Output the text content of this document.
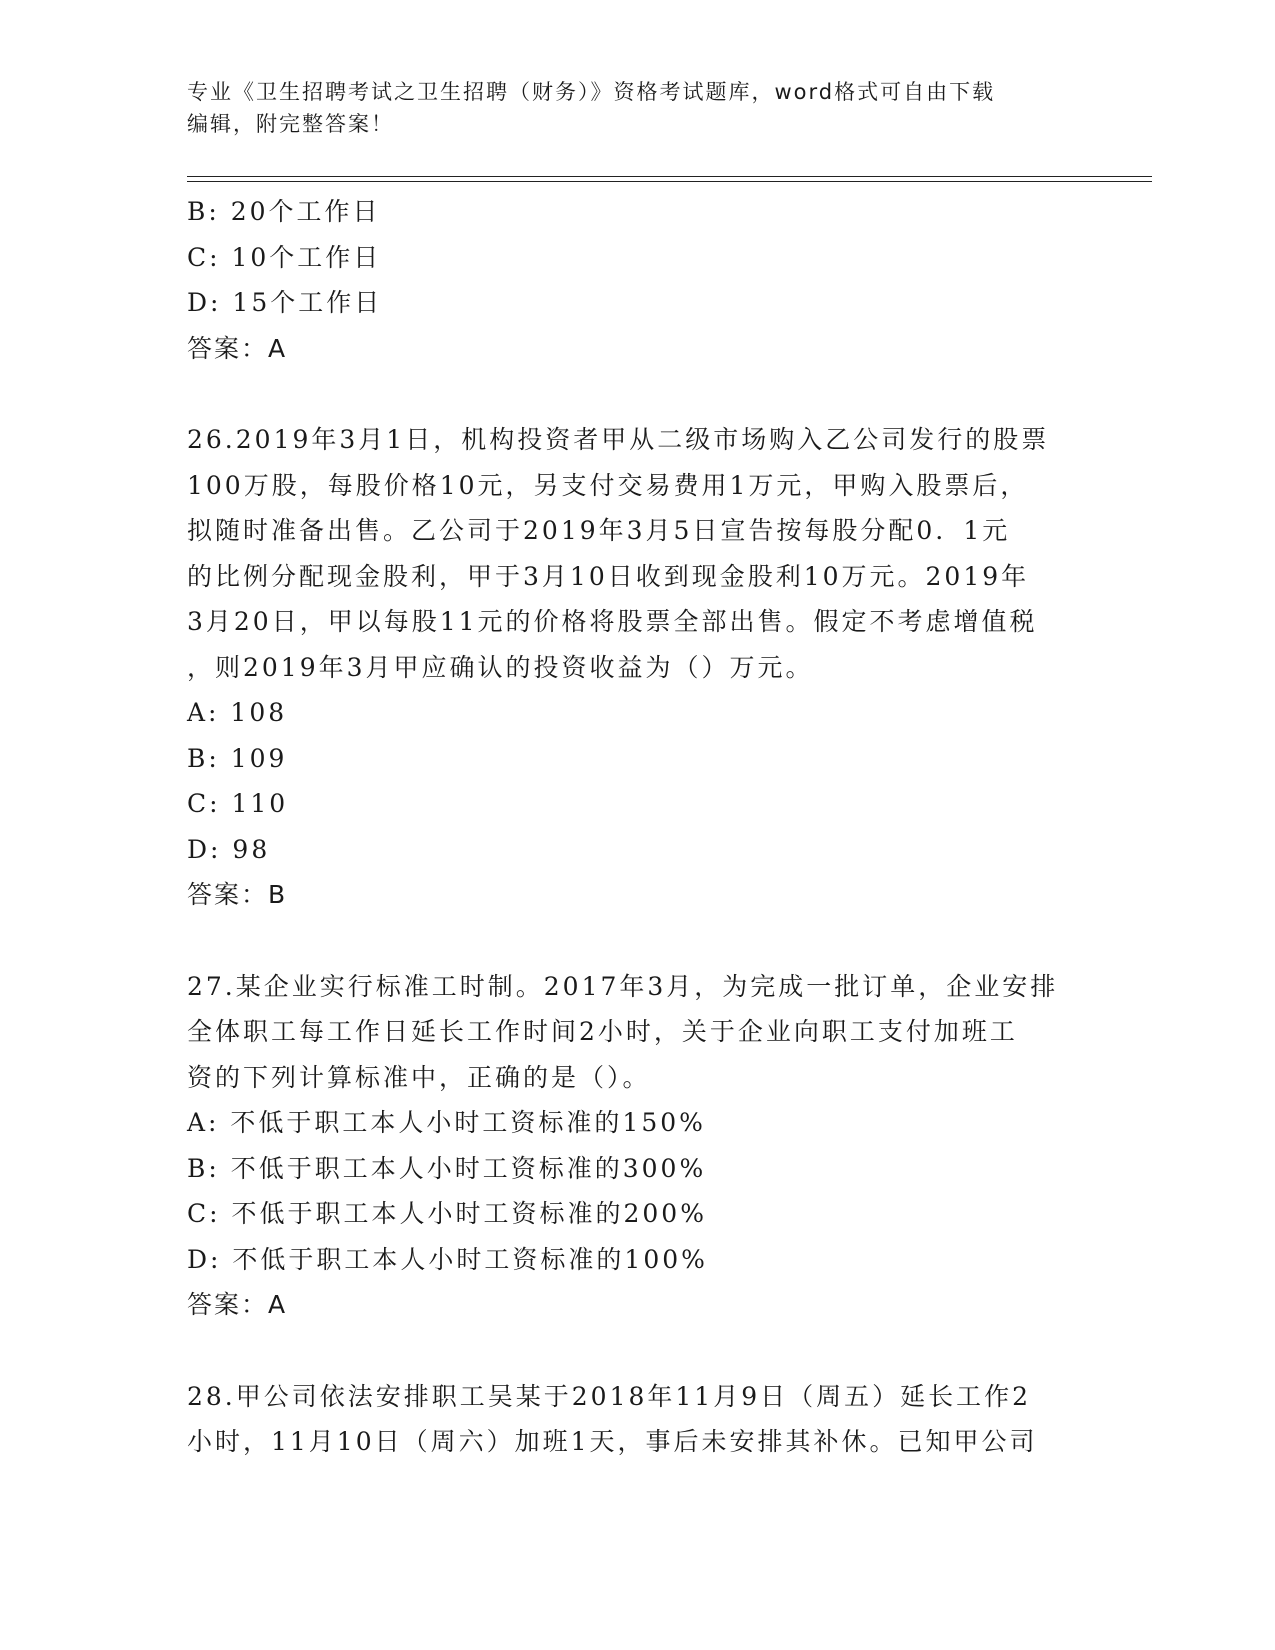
专业《卫生招聘考试之卫生招聘（财务）》资格考试题库，word格式可自由下载
编辑，附完整答案！
B: 20个工作日
C: 10个工作日
D: 15个工作日
答案：A
26.2019年3月1日，机构投资者甲从二级市场购入乙公司发行的股票
100万股，每股价格10元，另支付交易费用1万元，甲购入股票后，
拟随时准备出售。乙公司于2019年3月5日宣告按每股分配0．1元
的比例分配现金股利，甲于3月10日收到现金股利10万元。2019年
3月20日，甲以每股11元的价格将股票全部出售。假定不考虑增值税
，则2019年3月甲应确认的投资收益为（）万元。
A: 108
B: 109
C: 110
D: 98
答案：B
27.某企业实行标准工时制。2017年3月，为完成一批订单，企业安排
全体职工每工作日延长工作时间2小时，关于企业向职工支付加班工
资的下列计算标准中，正确的是（）。
A: 不低于职工本人小时工资标准的150%
B: 不低于职工本人小时工资标准的300%
C: 不低于职工本人小时工资标准的200%
D: 不低于职工本人小时工资标准的100%
答案：A
28.甲公司依法安排职工吴某于2018年11月9日（周五）延长工作2
小时，11月10日（周六）加班1天，事后未安排其补休。已知甲公司
